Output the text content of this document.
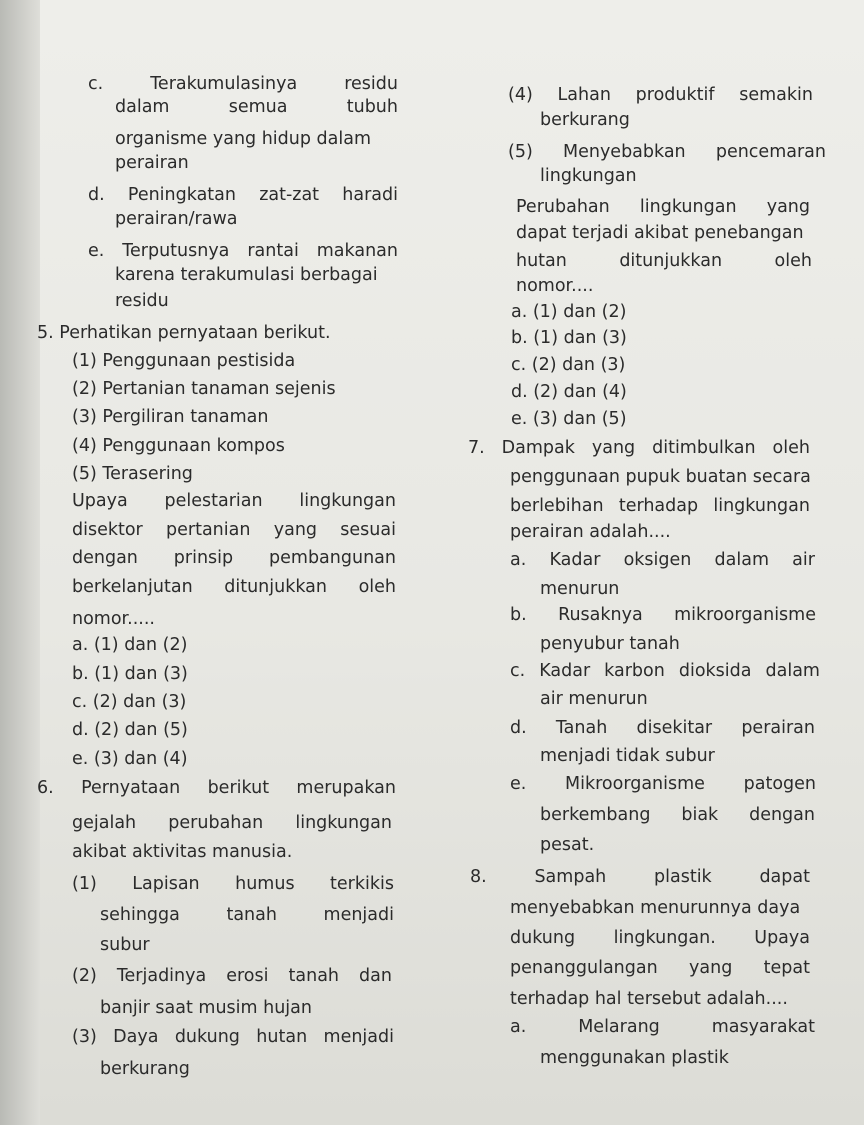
c.	Terakumulasinya	residu
dalam	semua	tubuh
organisme yang hidup dalam
perairan
d. Peningkatan zat-zat haradi
perairan/rawa
e. Terputusnya rantai makanan
karena terakumulasi berbagai
residu
5. Perhatikan pernyataan berikut.
(1) Penggunaan pestisida
(2) Pertanian tanaman sejenis
(3) Pergiliran tanaman
(4) Penggunaan kompos
(5) Terasering
Upaya pelestarian lingkungan
disektor pertanian yang sesuai
dengan prinsip pembangunan
berkelanjutan ditunjukkan oleh
nomor.....
a. (1) dan (2)
b. (1) dan (3)
c. (2) dan (3)
d. (2) dan (5)
e. (3) dan (4)
6. Pernyataan berikut merupakan
gejalah perubahan lingkungan
akibat aktivitas manusia.
(1) Lapisan humus terkikis
sehingga	tanah	menjadi
subur
(2) Terjadinya erosi tanah dan
banjir saat musim hujan
(3) Daya dukung hutan menjadi
berkurang
(4) Lahan produktif semakin
berkurang
(5) Menyebabkan pencemaran
lingkungan
Perubahan lingkungan yang
dapat terjadi akibat penebangan
hutan	ditunjukkan	oleh
nomor....
a. (1) dan (2)
b. (1) dan (3)
c. (2) dan (3)
d. (2) dan (4)
e. (3) dan (5)
7. Dampak yang ditimbulkan oleh
penggunaan pupuk buatan secara
berlebihan terhadap lingkungan
perairan adalah....
a. Kadar oksigen dalam air
menurun
b. Rusaknya mikroorganisme
penyubur tanah
c. Kadar karbon dioksida dalam
air menurun
d. Tanah disekitar perairan
menjadi tidak subur
e. Mikroorganisme patogen
berkembang biak dengan
pesat.
8.	Sampah	plastik	dapat
menyebabkan menurunnya daya
dukung lingkungan. Upaya
penanggulangan yang tepat
terhadap hal tersebut adalah....
a.	Melarang	masyarakat
menggunakan plastik
